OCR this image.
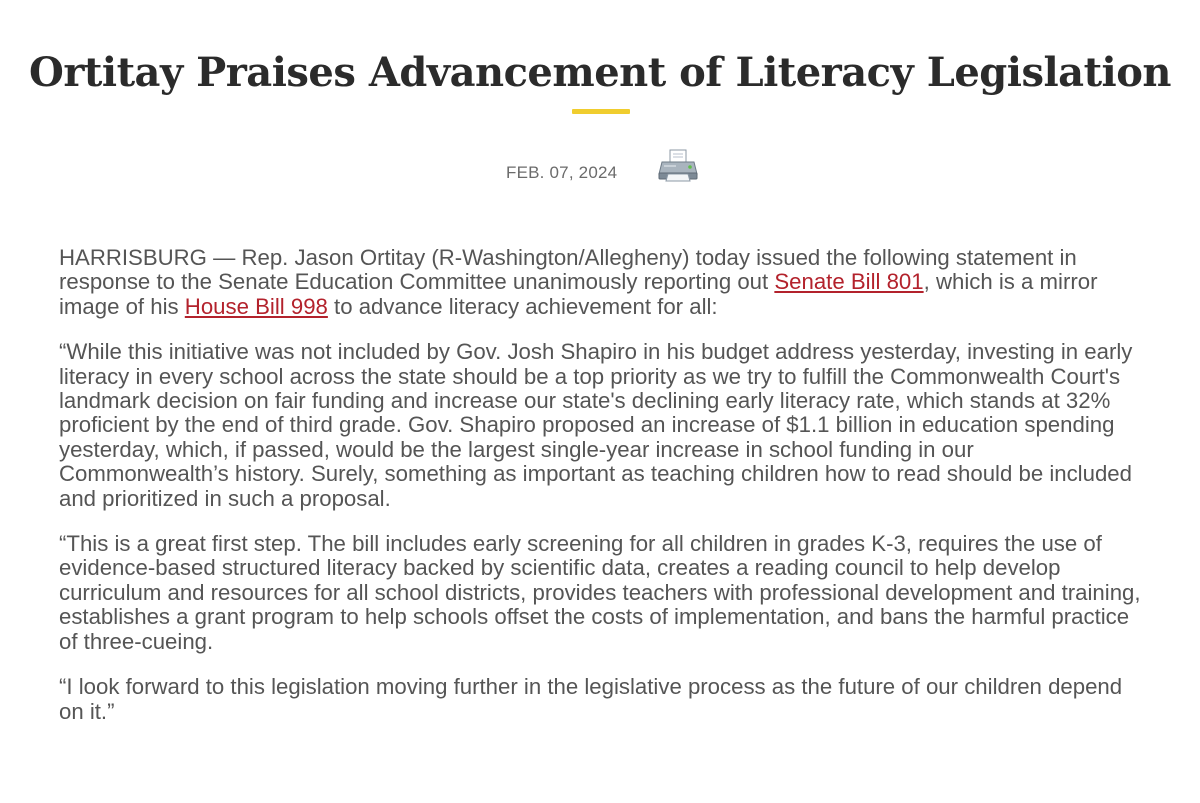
Ortitay Praises Advancement of Literacy Legislation
FEB. 07, 2024

HARRISBURG — Rep. Jason Ortitay (R-Washington/Allegheny) today issued the following statement in response to the Senate Education Committee unanimously reporting out Senate Bill 801, which is a mirror image of his House Bill 998 to advance literacy achievement for all:

“While this initiative was not included by Gov. Josh Shapiro in his budget address yesterday, investing in early literacy in every school across the state should be a top priority as we try to fulfill the Commonwealth Court's landmark decision on fair funding and increase our state's declining early literacy rate, which stands at 32% proficient by the end of third grade. Gov. Shapiro proposed an increase of $1.1 billion in education spending yesterday, which, if passed, would be the largest single-year increase in school funding in our Commonwealth’s history. Surely, something as important as teaching children how to read should be included and prioritized in such a proposal.

“This is a great first step. The bill includes early screening for all children in grades K-3, requires the use of evidence-based structured literacy backed by scientific data, creates a reading council to help develop curriculum and resources for all school districts, provides teachers with professional development and training, establishes a grant program to help schools offset the costs of implementation, and bans the harmful practice of three-cueing.

“I look forward to this legislation moving further in the legislative process as the future of our children depend on it.”
